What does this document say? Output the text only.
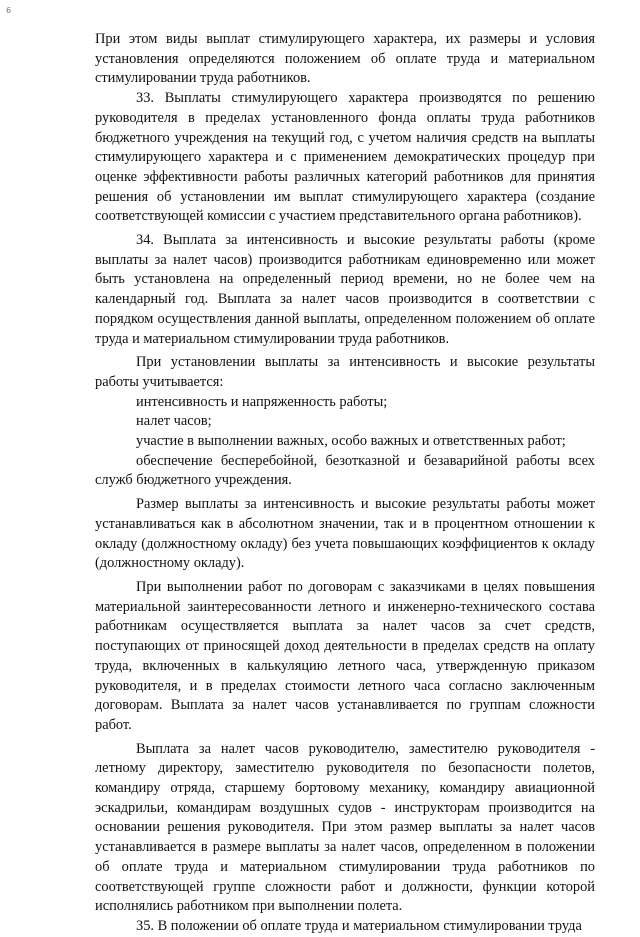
6

При этом виды выплат стимулирующего характера, их размеры и условия установления определяются положением об оплате труда и материальном стимулировании труда работников.

33. Выплаты стимулирующего характера производятся по решению руководителя в пределах установленного фонда оплаты труда работников бюджетного учреждения на текущий год, с учетом наличия средств на выплаты стимулирующего характера и с применением демократических процедур при оценке эффективности работы различных категорий работников для принятия решения об установлении им выплат стимулирующего характера (создание соответствующей комиссии с участием представительного органа работников).

34. Выплата за интенсивность и высокие результаты работы (кроме выплаты за налет часов) производится работникам единовременно или может быть установлена на определенный период времени, но не более чем на календарный год. Выплата за налет часов производится в соответствии с порядком осуществления данной выплаты, определенном положением об оплате труда и материальном стимулировании труда работников.

При установлении выплаты за интенсивность и высокие результаты работы учитывается:

интенсивность и напряженность работы;

налет часов;

участие в выполнении важных, особо важных и ответственных работ;

обеспечение бесперебойной, безотказной и безаварийной работы всех служб бюджетного учреждения.

Размер выплаты за интенсивность и высокие результаты работы может устанавливаться как в абсолютном значении, так и в процентном отношении к окладу (должностному окладу) без учета повышающих коэффициентов к окладу (должностному окладу).

При выполнении работ по договорам с заказчиками в целях повышения материальной заинтересованности летного и инженерно-технического состава работникам осуществляется выплата за налет часов за счет средств, поступающих от приносящей доход деятельности в пределах средств на оплату труда, включенных в калькуляцию летного часа, утвержденную приказом руководителя, и в пределах стоимости летного часа согласно заключенным договорам. Выплата за налет часов устанавливается по группам сложности работ.

Выплата за налет часов руководителю, заместителю руководителя - летному директору, заместителю руководителя по безопасности полетов, командиру отряда, старшему бортовому механику, командиру авиационной эскадрильи, командирам воздушных судов - инструкторам производится на основании решения руководителя. При этом размер выплаты за налет часов устанавливается в размере выплаты за налет часов, определенном в положении об оплате труда и материальном стимулировании труда работников по соответствующей группе сложности работ и должности, функции которой исполнялись работником при выполнении полета.

35. В положении об оплате труда и материальном стимулировании труда
